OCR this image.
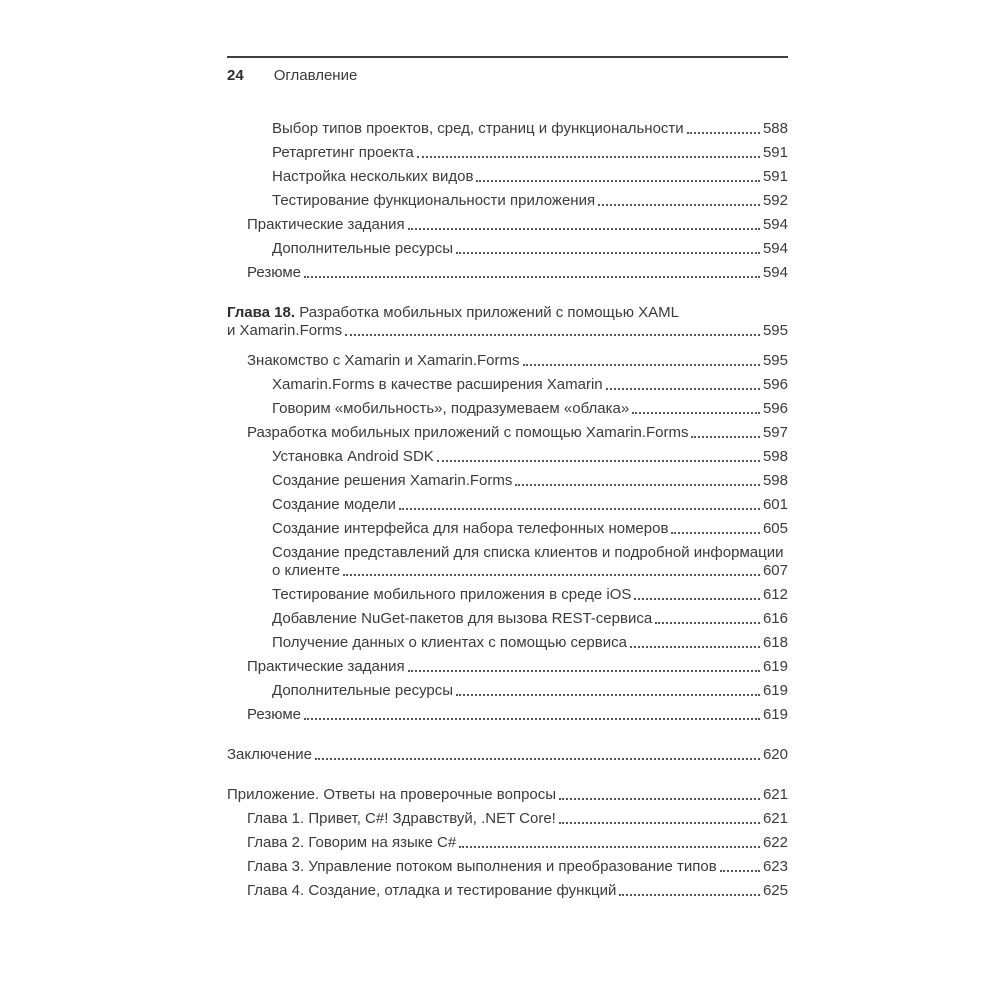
24 Оглавление
Выбор типов проектов, сред, страниц и функциональности	588
Ретаргетинг проекта	591
Настройка нескольких видов	591
Тестирование функциональности приложения	592
Практические задания	594
Дополнительные ресурсы	594
Резюме	594
Глава 18. Разработка мобильных приложений с помощью XAML
и Xamarin.Forms	595
Знакомство с Xamarin и Xamarin.Forms	595
Xamarin.Forms в качестве расширения Xamarin	596
Говорим «мобильность», подразумеваем «облака»	596
Разработка мобильных приложений с помощью Xamarin.Forms	597
Установка Android SDK	598
Создание решения Xamarin.Forms	598
Создание модели	601
Создание интерфейса для набора телефонных номеров	605
Создание представлений для списка клиентов и подробной информации
о клиенте	607
Тестирование мобильного приложения в среде iOS	612
Добавление NuGet-пакетов для вызова REST-сервиса	616
Получение данных о клиентах с помощью сервиса	618
Практические задания	619
Дополнительные ресурсы	619
Резюме	619
Заключение	620
Приложение. Ответы на проверочные вопросы	621
Глава 1. Привет, C#! Здравствуй, .NET Core!	621
Глава 2. Говорим на языке C#	622
Глава 3. Управление потоком выполнения и преобразование типов	623
Глава 4. Создание, отладка и тестирование функций	625
